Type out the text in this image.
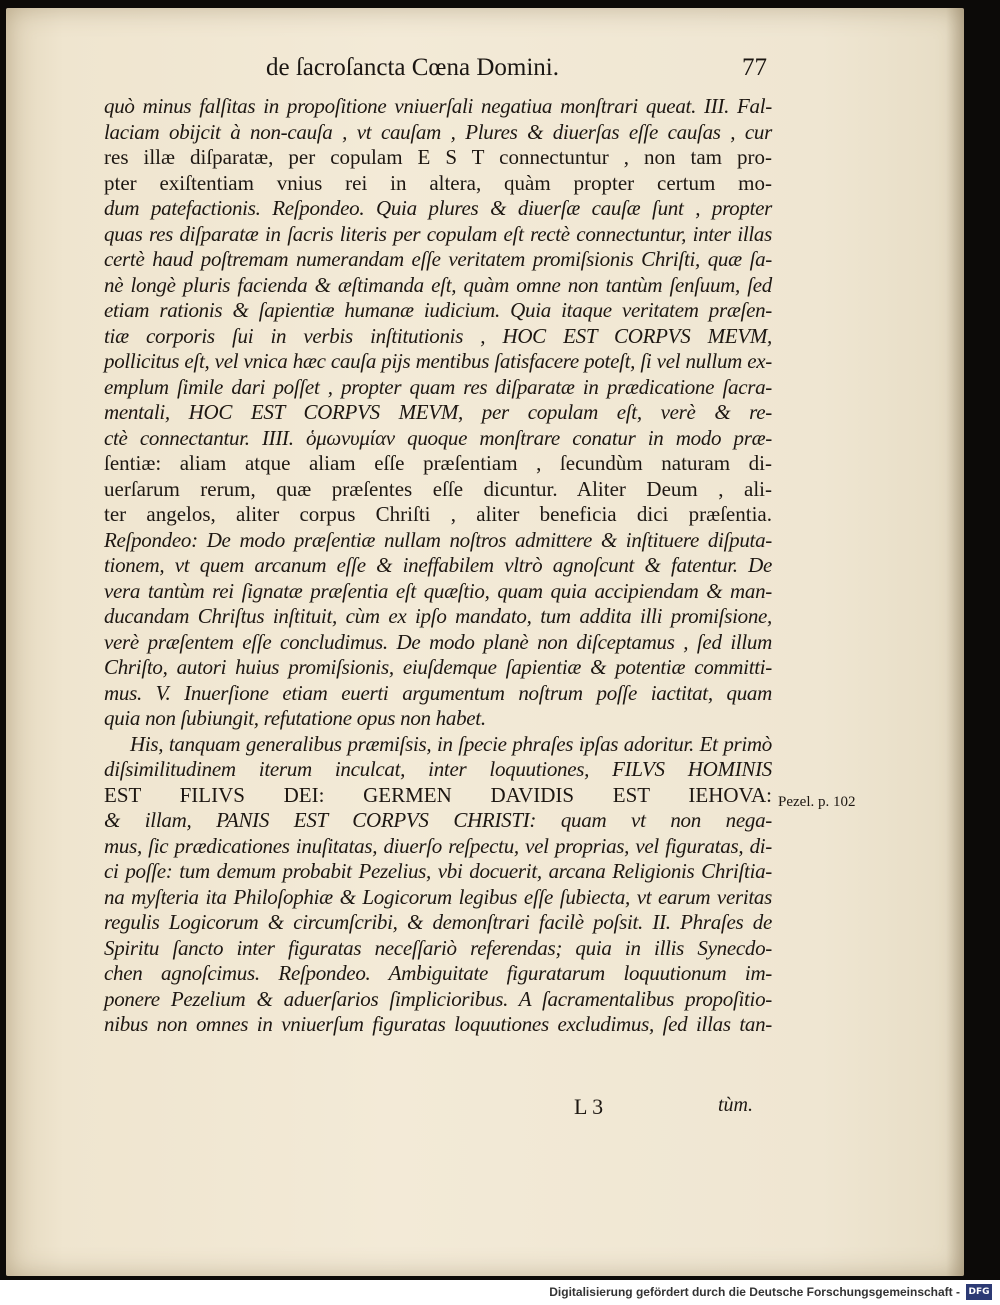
de ſacroſanc͏ta Cœna Domini.	77
quò minus falſitas in propoſitione vniuerſali negatiua monſtrari queat. III. Fal-
laciam obijcit à non-cauſa , vt cauſam , Plures & diuerſas eſſe cauſas , cur
res illæ diſparatæ, per copulam E S T connectuntur , non tam pro-
pter exiſtentiam vnius rei in altera, quàm propter certum mo-
dum patefactionis. Reſpondeo. Quia plures & diuerſæ cauſæ ſunt , propter
quas res diſparatæ in ſacris literis per copulam eſt rectè connectuntur, inter illas
certè haud poſtremam numerandam eſſe veritatem promiſsionis Chriſti, quæ ſa-
nè longè pluris facienda & æſtimanda eſt, quàm omne non tantùm ſenſuum, ſed
etiam rationis & ſapientiæ humanæ iudicium. Quia itaque veritatem præſen-
tiæ corporis ſui in verbis inſtitutionis , HOC EST CORPVS MEVM,
pollicitus eſt, vel vnica hæc cauſa pijs mentibus ſatisfacere poteſt, ſi vel nullum ex-
emplum ſimile dari poſſet , propter quam res diſparatæ in prædicatione ſacra-
mentali, HOC EST CORPVS MEVM, per copulam eſt, verè & re-
ctè connectantur. IIII. ὁμωνυμίαν quoque monſtrare conatur in modo præ-
ſentiæ: aliam atque aliam eſſe præſentiam , ſecundùm naturam di-
uerſarum rerum, quæ præſentes eſſe dicuntur. Aliter Deum , ali-
ter angelos, aliter corpus Chriſti , aliter beneficia dici præſentia.
Reſpondeo: De modo præſentiæ nullam noſtros admittere & inſtituere diſputa-
tionem, vt quem arcanum eſſe & ineffabilem vltrò agnoſcunt & fatentur. De
vera tantùm rei ſignatæ præſentia eſt quæſtio, quam quia accipiendam & man-
ducandam Chriſtus inſtituit, cùm ex ipſo mandato, tum addita illi promiſsione,
verè præſentem eſſe concludimus. De modo planè non diſceptamus , ſed illum
Chriſto, autori huius promiſsionis, eiuſdemque ſapientiæ & potentiæ committi-
mus. V. Inuerſione etiam euerti argumentum noſtrum poſſe iactitat, quam
quia non ſubiungit, refutatione opus non habet.
His, tanquam generalibus præmiſsis, in ſpecie phraſes ipſas adoritur. Et primò
diſsimilitudinem iterum inculcat, inter loquutiones, FILVS HOMINIS
EST FILIVS DEI: GERMEN DAVIDIS EST IEHOVA:
& illam, PANIS EST CORPVS CHRISTI: quam vt non nega-
mus, ſic prædicationes inuſitatas, diuerſo reſpectu, vel proprias, vel figuratas, di-
ci poſſe: tum demum probabit Pezelius, vbi docuerit, arcana Religionis Chriſtia-
na myſteria ita Philoſophiæ & Logicorum legibus eſſe ſubiecta, vt earum veritas
regulis Logicorum & circumſcribi, & demonſtrari facilè poſsit. II. Phraſes de
Spiritu ſancto inter figuratas neceſſariò referendas; quia in illis Synecdo-
chen agnoſcimus. Reſpondeo. Ambiguitate figuratarum loquutionum im-
ponere Pezelium & aduerſarios ſimplicioribus. A ſacramentalibus propoſitio-
nibus non omnes in vniuerſum figuratas loquutiones excludimus, ſed illas tan-
Pezel. p. 102
L 3	tùm.
Digitalisierung gefördert durch die Deutsche Forschungsgemeinschaft - DFG
